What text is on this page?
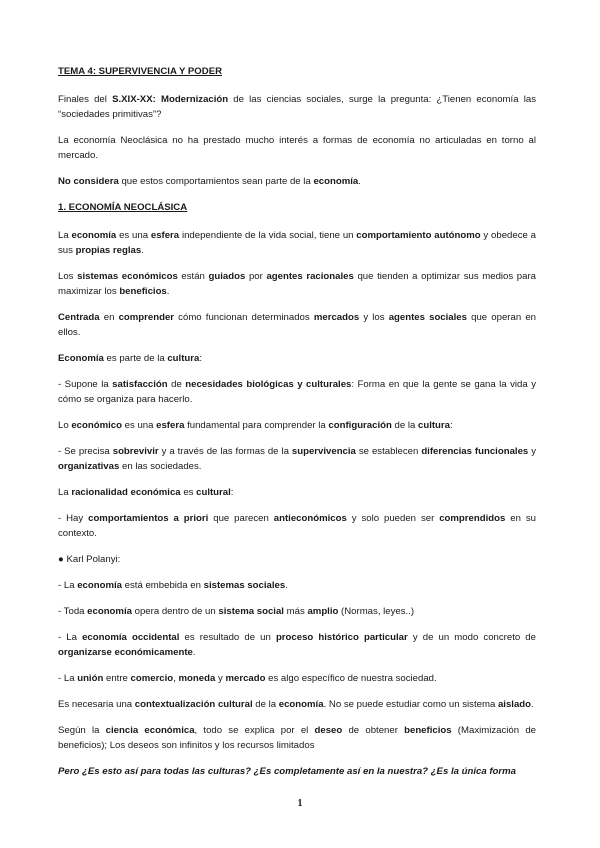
TEMA 4: SUPERVIVENCIA Y PODER

Finales del S.XIX-XX: Modernización de las ciencias sociales, surge la pregunta: ¿Tienen economía las “sociedades primitivas”?

La economía Neoclásica no ha prestado mucho interés a formas de economía no articuladas en torno al mercado.

No considera que estos comportamientos sean parte de la economía.

1. ECONOMÍA NEOCLÁSICA

La economía es una esfera independiente de la vida social, tiene un comportamiento autónomo y obedece a sus propias reglas.

Los sistemas económicos están guiados por agentes racionales que tienden a optimizar sus medios para maximizar los beneficios.

Centrada en comprender cómo funcionan determinados mercados y los agentes sociales que operan en ellos.

Economía es parte de la cultura:

- Supone la satisfacción de necesidades biológicas y culturales: Forma en que la gente se gana la vida y cómo se organiza para hacerlo.

Lo económico es una esfera fundamental para comprender la configuración de la cultura:

- Se precisa sobrevivir y a través de las formas de la supervivencia se establecen diferencias funcionales y organizativas en las sociedades.

La racionalidad económica es cultural:

- Hay comportamientos a priori que parecen antieconómicos y solo pueden ser comprendidos en su contexto.

● Karl Polanyi:

- La economía está embebida en sistemas sociales.

- Toda economía opera dentro de un sistema social más amplio (Normas, leyes..)

- La economía occidental es resultado de un proceso histórico particular y de un modo concreto de organizarse económicamente.

- La unión entre comercio, moneda y mercado es algo específico de nuestra sociedad.

Es necesaria una contextualización cultural de la economía. No se puede estudiar como un sistema aislado.

Según la ciencia económica, todo se explica por el deseo de obtener beneficios (Maximización de beneficios); Los deseos son infinitos y los recursos limitados

Pero ¿Es esto así para todas las culturas? ¿Es completamente así en la nuestra? ¿Es la única forma

1
